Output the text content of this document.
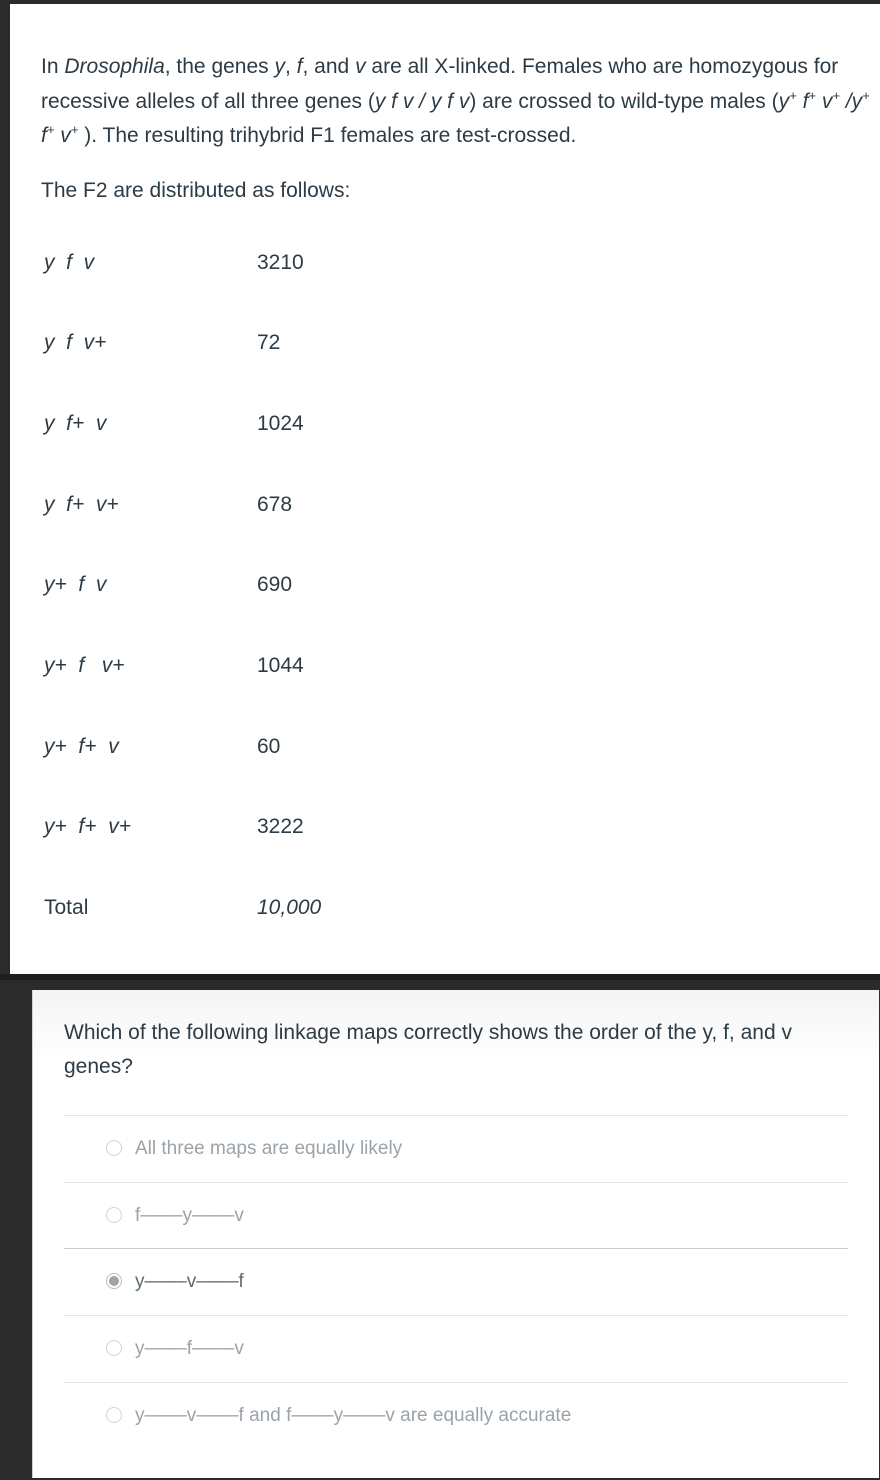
In Drosophila, the genes y, f, and v are all X-linked. Females who are homozygous for recessive alleles of all three genes (y f v / y f v) are crossed to wild-type males (y+ f+ v+ /y+ f+ v+ ). The resulting trihybrid F1 females are test-crossed.

The F2 are distributed as follows:
y  f  v	3210
y  f  v+	72
y  f+  v	1024
y  f+  v+	678
y+  f  v	690
y+  f   v+	1044
y+  f+  v	60
y+  f+  v+	3222
Total	10,000
Which of the following linkage maps correctly shows the order of the y, f, and v genes?
All three maps are equally likely
f––––y––––v
y––––v––––f
y––––f––––v
y––––v––––f and f––––y––––v are equally accurate
